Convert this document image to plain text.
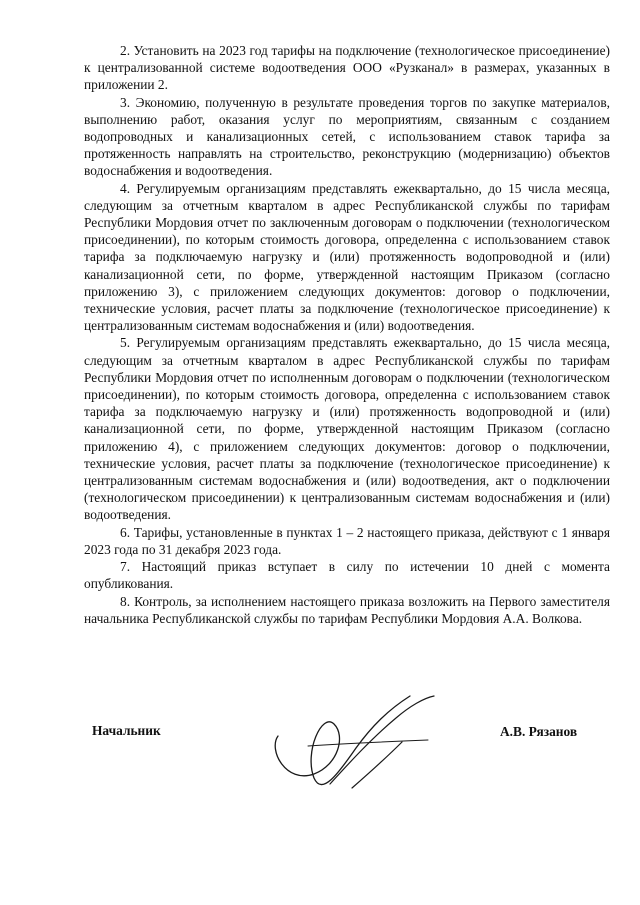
2. Установить на 2023 год тарифы на подключение (технологическое присоединение) к централизованной системе водоотведения ООО «Рузканал» в размерах, указанных в приложении 2.

3. Экономию, полученную в результате проведения торгов по закупке материалов, выполнению работ, оказания услуг по мероприятиям, связанным с созданием водопроводных и канализационных сетей, с использованием ставок тарифа за протяженность направлять на строительство, реконструкцию (модернизацию) объектов водоснабжения и водоотведения.

4. Регулируемым организациям представлять ежеквартально, до 15 числа месяца, следующим за отчетным кварталом в адрес Республиканской службы по тарифам Республики Мордовия отчет по заключенным договорам о подключении (технологическом присоединении), по которым стоимость договора, определенна с использованием ставок тарифа за подключаемую нагрузку и (или) протяженность водопроводной и (или) канализационной сети, по форме, утвержденной настоящим Приказом (согласно приложению 3), с приложением следующих документов: договор о подключении, технические условия, расчет платы за подключение (технологическое присоединение) к централизованным системам водоснабжения и (или) водоотведения.

5. Регулируемым организациям представлять ежеквартально, до 15 числа месяца, следующим за отчетным кварталом в адрес Республиканской службы по тарифам Республики Мордовия отчет по исполненным договорам о подключении (технологическом присоединении), по которым стоимость договора, определенна с использованием ставок тарифа за подключаемую нагрузку и (или) протяженность водопроводной и (или) канализационной сети, по форме, утвержденной настоящим Приказом (согласно приложению 4), с приложением следующих документов: договор о подключении, технические условия, расчет платы за подключение (технологическое присоединение) к централизованным системам водоснабжения и (или) водоотведения, акт о подключении (технологическом присоединении) к централизованным системам водоснабжения и (или) водоотведения.

6. Тарифы, установленные в пунктах 1 – 2 настоящего приказа, действуют с 1 января 2023 года по 31 декабря 2023 года.

7. Настоящий приказ вступает в силу по истечении 10 дней с момента опубликования.

8. Контроль, за исполнением настоящего приказа возложить на Первого заместителя начальника Республиканской службы по тарифам Республики Мордовия А.А. Волкова.

Начальник	А.В. Рязанов
